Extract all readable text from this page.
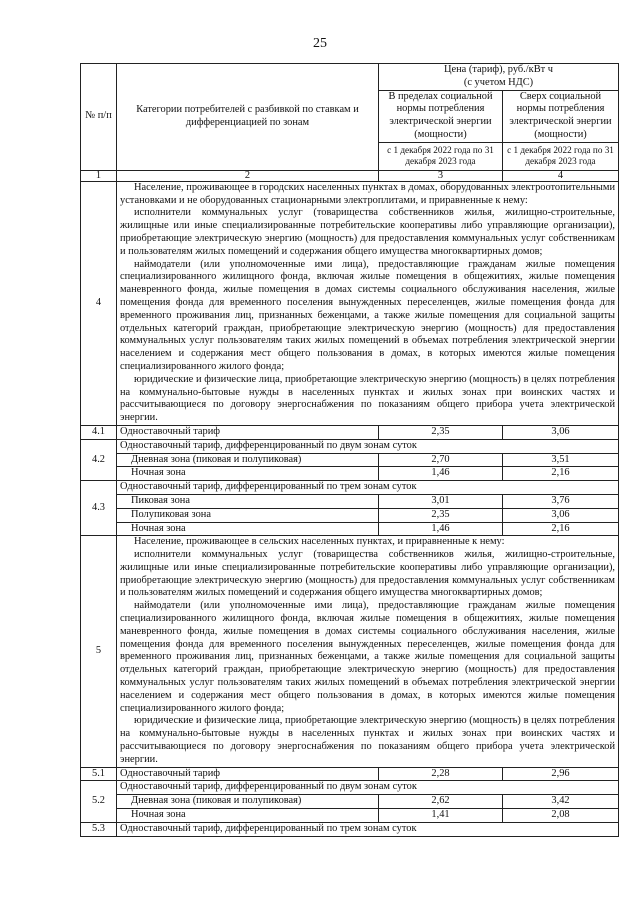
25
№ п/п	Категории потребителей с разбивкой по ставкам и дифференциацией по зонам	Цена (тариф), руб./кВт ч (с учетом НДС)	
		В пределах социальной нормы потребления электрической энергии (мощности)	Сверх социальной нормы потребления электрической энергии (мощности)
		с 1 декабря 2022 года по 31 декабря 2023 года	с 1 декабря 2022 года по 31 декабря 2023 года
1	2	3	4
4	Население, проживающее в городских населенных пунктах в домах, оборудованных электроотопительными установками и не оборудованных стационарными электроплитами, и приравненные к нему:

исполнители коммунальных услуг (товарищества собственников жилья, жилищно-строительные, жилищные или иные специализированные потребительские кооперативы либо управляющие организации), приобретающие электрическую энергию (мощность) для предоставления коммунальных услуг собственникам и пользователям жилых помещений и содержания общего имущества многоквартирных домов;

наймодатели (или уполномоченные ими лица), предоставляющие гражданам жилые помещения специализированного жилищного фонда, включая жилые помещения в общежитиях, жилые помещения маневренного фонда, жилые помещения в домах системы социального обслуживания населения, жилые помещения фонда для временного поселения вынужденных переселенцев, жилые помещения фонда для временного проживания лиц, признанных беженцами, а также жилые помещения для социальной защиты отдельных категорий граждан, приобретающие электрическую энергию (мощность) для предоставления коммунальных услуг пользователям таких жилых помещений в объемах потребления электрической энергии населением и содержания мест общего пользования в домах, в которых имеются жилые помещения специализированного жилого фонда;

юридические и физические лица, приобретающие электрическую энергию (мощность) в целях потребления на коммунально-бытовые нужды в населенных пунктах и жилых зонах при воинских частях и рассчитывающиеся по договору энергоснабжения по показаниям общего прибора учета электрической энергии.		

4.1	Одноставочный тариф	2,35	3,06
4.2	Одноставочный тариф, дифференцированный по двум зонам суток		
	Дневная зона (пиковая и полупиковая)	2,70	3,51
	Ночная зона	1,46	2,16
4.3	Одноставочный тариф, дифференцированный по трем зонам суток		
	Пиковая зона	3,01	3,76
	Полупиковая зона	2,35	3,06
	Ночная зона	1,46	2,16
5	Население, проживающее в сельских населенных пунктах, и приравненные к нему:

исполнители коммунальных услуг (товарищества собственников жилья, жилищно-строительные, жилищные или иные специализированные потребительские кооперативы либо управляющие организации), приобретающие электрическую энергию (мощность) для предоставления коммунальных услуг собственникам и пользователям жилых помещений и содержания общего имущества многоквартирных домов;

наймодатели (или уполномоченные ими лица), предоставляющие гражданам жилые помещения специализированного жилищного фонда, включая жилые помещения в общежитиях, жилые помещения маневренного фонда, жилые помещения в домах системы социального обслуживания населения, жилые помещения фонда для временного поселения вынужденных переселенцев, жилые помещения фонда для временного проживания лиц, признанных беженцами, а также жилые помещения для социальной защиты отдельных категорий граждан, приобретающие электрическую энергию (мощность) для предоставления коммунальных услуг пользователям таких жилых помещений в объемах потребления электрической энергии населением и содержания мест общего пользования в домах, в которых имеются жилые помещения специализированного жилого фонда;

юридические и физические лица, приобретающие электрическую энергию (мощность) в целях потребления на коммунально-бытовые нужды в населенных пунктах и жилых зонах при воинских частях и рассчитывающиеся по договору энергоснабжения по показаниям общего прибора учета электрической энергии.		

5.1	Одноставочный тариф	2,28	2,96
5.2	Одноставочный тариф, дифференцированный по двум зонам суток		
	Дневная зона (пиковая и полупиковая)	2,62	3,42
	Ночная зона	1,41	2,08
5.3	Одноставочный тариф, дифференцированный по трем зонам суток		
